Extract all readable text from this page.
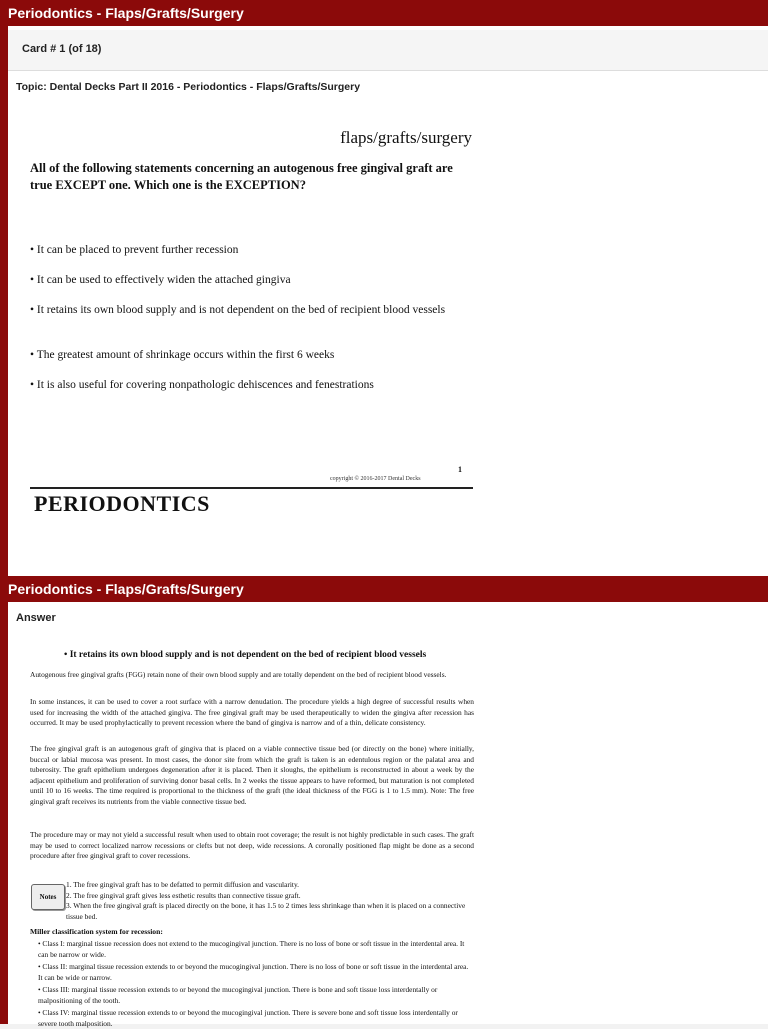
Periodontics - Flaps/Grafts/Surgery
Card # 1 (of 18)
Topic: Dental Decks Part II 2016 - Periodontics - Flaps/Grafts/Surgery
flaps/grafts/surgery
All of the following statements concerning an autogenous free gingival graft are true EXCEPT one. Which one is the EXCEPTION?
• It can be placed to prevent further recession
• It can be used to effectively widen the attached gingiva
• It retains its own blood supply and is not dependent on the bed of recipient blood vessels
• The greatest amount of shrinkage occurs within the first 6 weeks
• It is also useful for covering nonpathologic dehiscences and fenestrations
1
copyright © 2016-2017 Dental Decks
PERIODONTICS
Periodontics - Flaps/Grafts/Surgery
Answer
• It retains its own blood supply and is not dependent on the bed of recipient blood vessels
Autogenous free gingival grafts (FGG) retain none of their own blood supply and are totally dependent on the bed of recipient blood vessels.
In some instances, it can be used to cover a root surface with a narrow denudation. The procedure yields a high degree of successful results when used for increasing the width of the attached gingiva. The free gingival graft may be used therapeutically to widen the gingiva after recession has occurred. It may be used prophylactically to prevent recession where the band of gingiva is narrow and of a thin, delicate consistency.
The free gingival graft is an autogenous graft of gingiva that is placed on a viable connective tissue bed (or directly on the bone) where initially, buccal or labial mucosa was present. In most cases, the donor site from which the graft is taken is an edentulous region or the palatal area and tuberosity. The graft epithelium undergoes degeneration after it is placed. Then it sloughs, the epithelium is reconstructed in about a week by the adjacent epithelium and proliferation of surviving donor basal cells. In 2 weeks the tissue appears to have reformed, but maturation is not completed until 10 to 16 weeks. The time required is proportional to the thickness of the graft (the ideal thickness of the FGG is 1 to 1.5 mm). Note: The free gingival graft receives its nutrients from the viable connective tissue bed.
The procedure may or may not yield a successful result when used to obtain root coverage; the result is not highly predictable in such cases. The graft may be used to correct localized narrow recessions or clefts but not deep, wide recessions. A coronally positioned flap might be done as a second procedure after free gingival graft to cover recessions.
Notes
1. The free gingival graft has to be defatted to permit diffusion and vascularity.
2. The free gingival graft gives less esthetic results than connective tissue graft.
3. When the free gingival graft is placed directly on the bone, it has 1.5 to 2 times less shrinkage than when it is placed on a connective tissue bed.
Miller classification system for recession:
• Class I: marginal tissue recession does not extend to the mucogingival junction. There is no loss of bone or soft tissue in the interdental area. It can be narrow or wide.
• Class II: marginal tissue recession extends to or beyond the mucogingival junction. There is no loss of bone or soft tissue in the interdental area. It can be wide or narrow.
• Class III: marginal tissue recession extends to or beyond the mucogingival junction. There is bone and soft tissue loss interdentally or malpositioning of the tooth.
• Class IV: marginal tissue recession extends to or beyond the mucogingival junction. There is severe bone and soft tissue loss interdentally or severe tooth malposition.
